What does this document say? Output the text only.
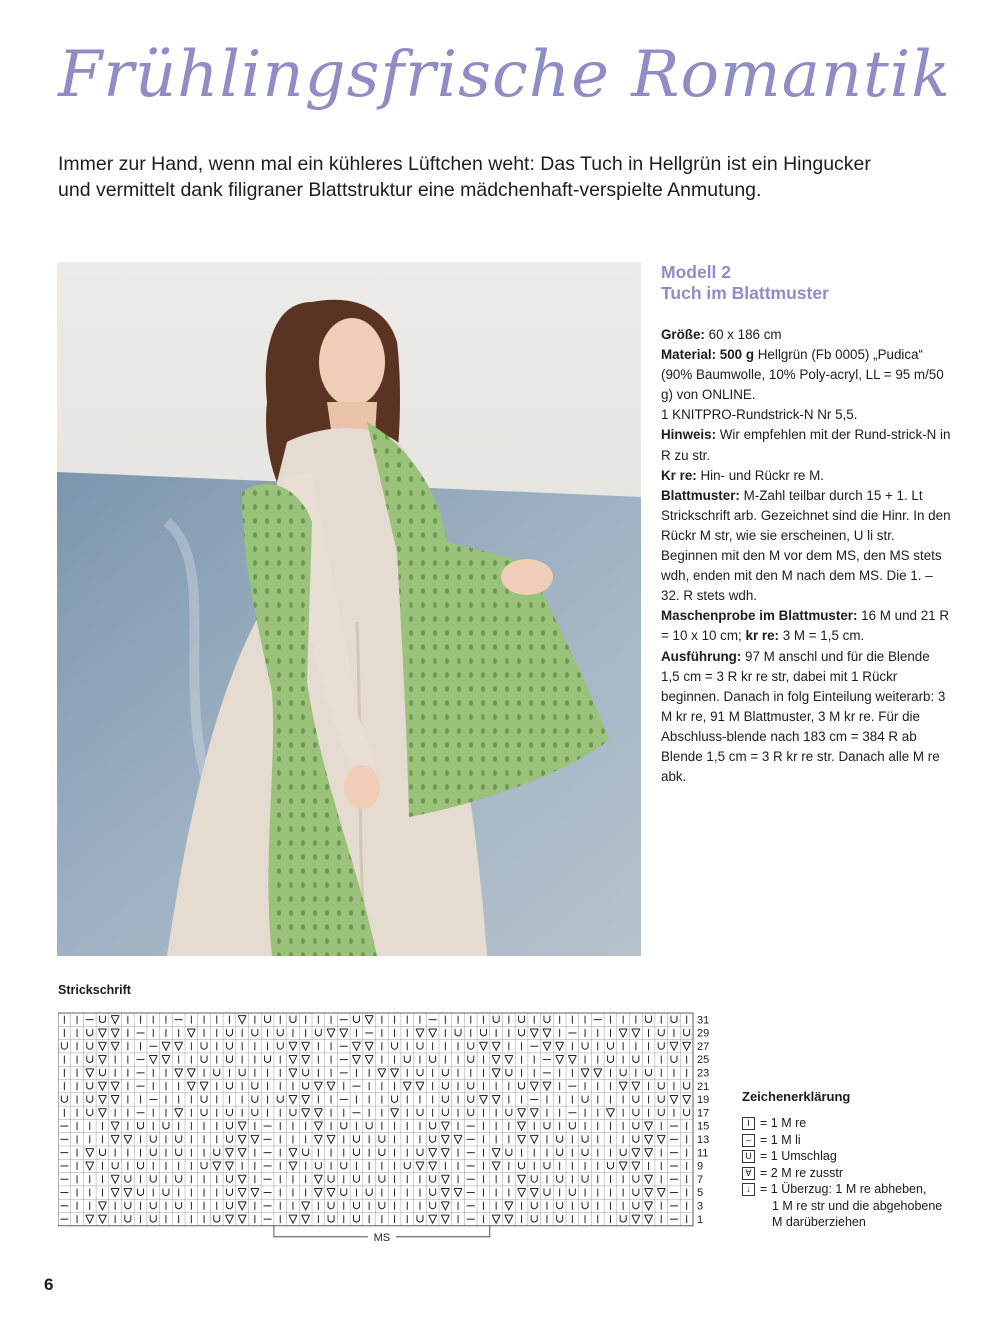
Frühlingsfrische Romantik
Immer zur Hand, wenn mal ein kühleres Lüftchen weht: Das Tuch in Hellgrün ist ein Hingucker
und vermittelt dank filigraner Blattstruktur eine mädchenhaft-verspielte Anmutung.
Modell 2
Tuch im Blattmuster
Größe: 60 x 186 cm
Material: 500 g Hellgrün (Fb 0005) „Pudica“ (90% Baumwolle, 10% Poly-acryl, LL = 95 m/50 g) von ONLINE.
1 KNITPRO-Rundstrick-N Nr 5,5.
Hinweis: Wir empfehlen mit der Rund-strick-N in R zu str.
Kr re: Hin- und Rückr re M.
Blattmuster: M-Zahl teilbar durch 15 + 1. Lt Strickschrift arb. Gezeichnet sind die Hinr. In den Rückr M str, wie sie erscheinen, U li str. Beginnen mit den M vor dem MS, den MS stets wdh, enden mit den M nach dem MS. Die 1. – 32. R stets wdh.
Maschenprobe im Blattmuster: 16 M und 21 R = 10 x 10 cm; kr re: 3 M = 1,5 cm.
Ausführung: 97 M anschl und für die Blende 1,5 cm = 3 R kr re str, dabei mit 1 Rückr beginnen. Danach in folg Einteilung weiterarb: 3 M kr re, 91 M Blattmuster, 3 M kr re. Für die Abschluss-blende nach 183 cm = 384 R ab Blende 1,5 cm = 3 R kr re str. Danach alle M re abk.
Strickschrift
31
29
27
25
23
21
19
17
15
13
11
9
7
5
3
1
MS
Zeichenerklärung
I = 1 M re
– = 1 M li
U = 1 Umschlag
∀ = 2 M re zusstr
↓ = 1 Überzug: 1 M re abheben,
1 M re str und die abgehobene
M darüberziehen
6
